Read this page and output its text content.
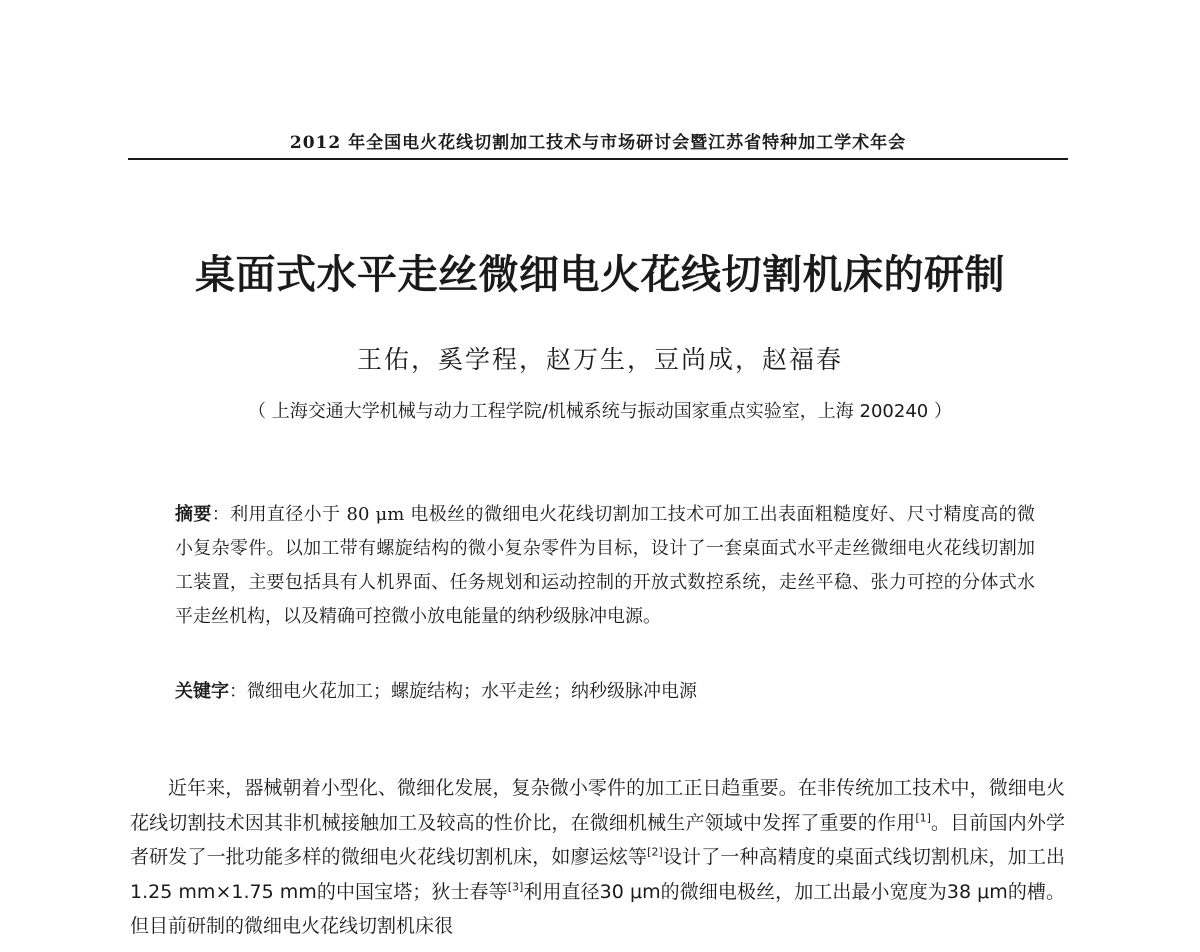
2012 年全国电火花线切割加工技术与市场研讨会暨江苏省特种加工学术年会
桌面式水平走丝微细电火花线切割机床的研制
王佑，奚学程，赵万生，豆尚成，赵福春
（ 上海交通大学机械与动力工程学院/机械系统与振动国家重点实验室，上海 200240 ）
摘要：利用直径小于 80 μm 电极丝的微细电火花线切割加工技术可加工出表面粗糙度好、尺寸精度高的微小复杂零件。以加工带有螺旋结构的微小复杂零件为目标，设计了一套桌面式水平走丝微细电火花线切割加工装置，主要包括具有人机界面、任务规划和运动控制的开放式数控系统，走丝平稳、张力可控的分体式水平走丝机构，以及精确可控微小放电能量的纳秒级脉冲电源。
关键字：微细电火花加工；螺旋结构；水平走丝；纳秒级脉冲电源

近年来，器械朝着小型化、微细化发展，复杂微小零件的加工正日趋重要。在非传统加工技术中，微细电火花线切割技术因其非机械接触加工及较高的性价比，在微细机械生产领域中发挥了重要的作用[1]。目前国内外学者研发了一批功能多样的微细电火花线切割机床，如廖运炫等[2]设计了一种高精度的桌面式线切割机床，加工出1.25 mm×1.75 mm的中国宝塔；狄士春等[3]利用直径30 μm的微细电极丝，加工出最小宽度为38 μm的槽。但目前研制的微细电火花线切割机床很
